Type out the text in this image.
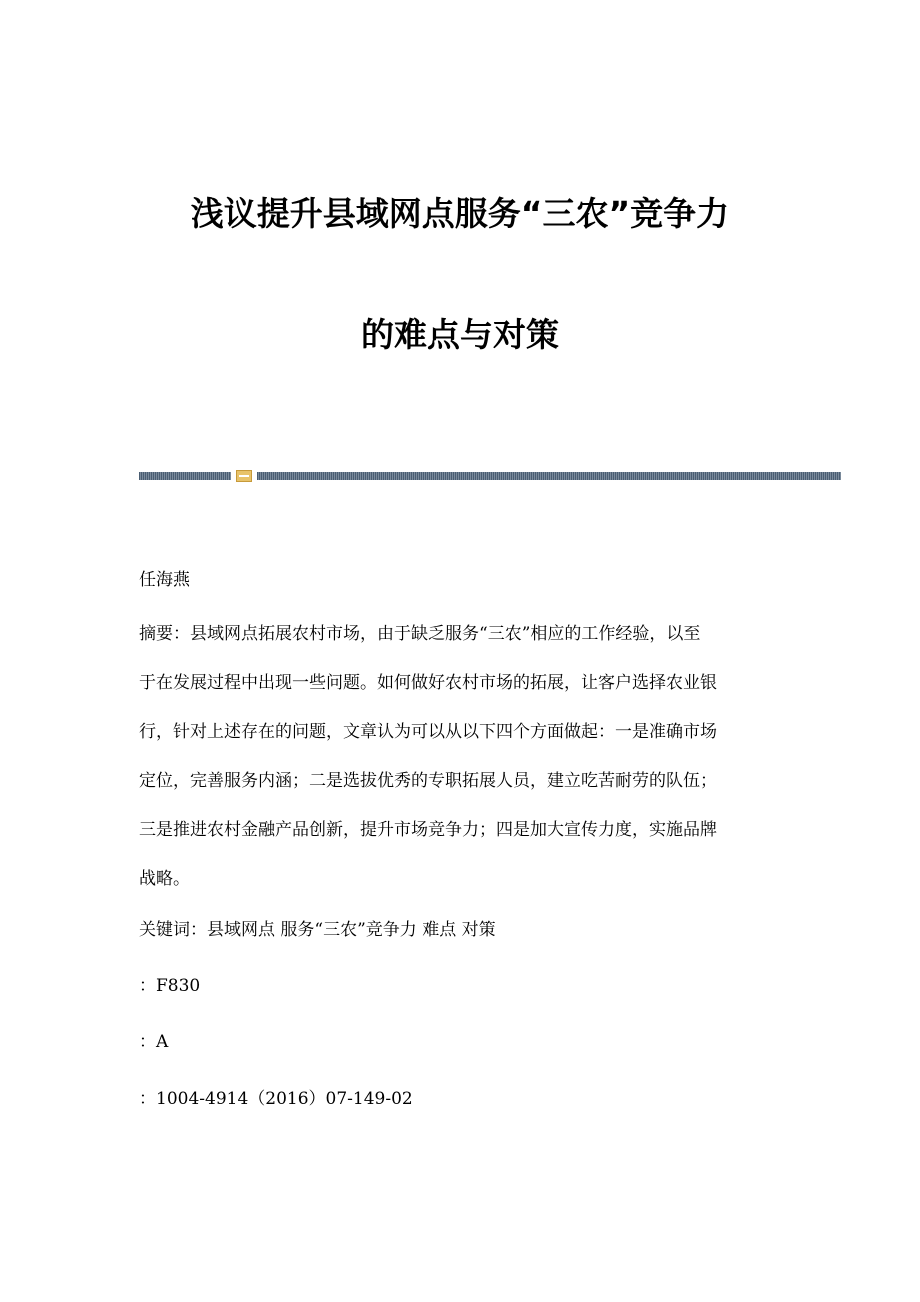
浅议提升县域网点服务“三农”竞争力
的难点与对策
任海燕
摘要：县域网点拓展农村市场，由于缺乏服务“三农”相应的工作经验，以至
于在发展过程中出现一些问题。如何做好农村市场的拓展，让客户选择农业银
行，针对上述存在的问题，文章认为可以从以下四个方面做起：一是准确市场
定位，完善服务内涵；二是选拔优秀的专职拓展人员，建立吃苦耐劳的队伍；
三是推进农村金融产品创新，提升市场竞争力；四是加大宣传力度，实施品牌
战略。
关键词：县域网点 服务“三农”竞争力 难点 对策
：F830
：A
：1004-4914（2016）07-149-02
